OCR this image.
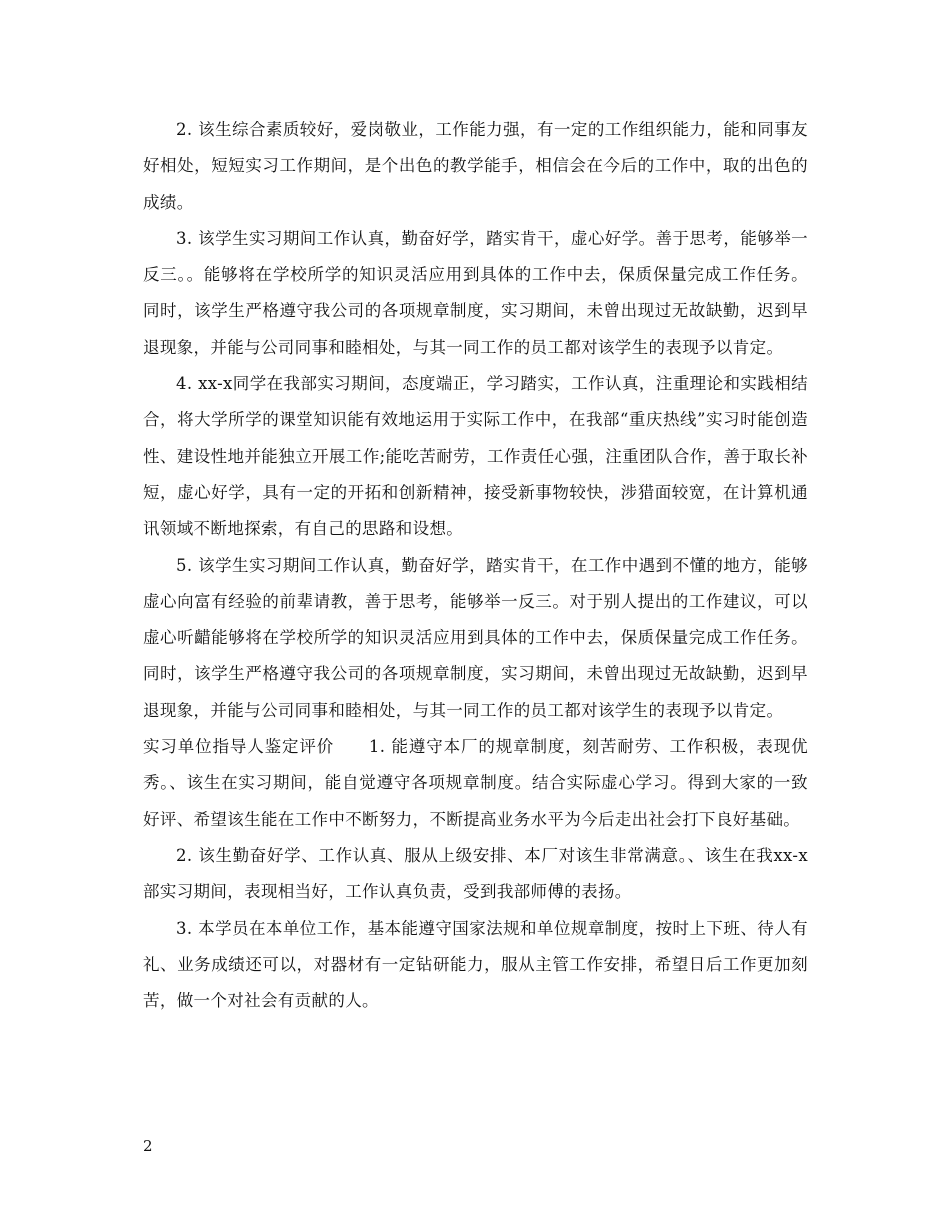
2. 该生综合素质较好，爱岗敬业，工作能力强，有一定的工作组织能力，能和同事友好相处，短短实习工作期间，是个出色的教学能手，相信会在今后的工作中，取的出色的成绩。

3. 该学生实习期间工作认真，勤奋好学，踏实肯干，虚心好学。善于思考，能够举一反三。。能够将在学校所学的知识灵活应用到具体的工作中去，保质保量完成工作任务。同时，该学生严格遵守我公司的各项规章制度，实习期间，未曾出现过无故缺勤，迟到早退现象，并能与公司同事和睦相处，与其一同工作的员工都对该学生的表现予以肯定。

4. xx-x同学在我部实习期间，态度端正，学习踏实，工作认真，注重理论和实践相结合，将大学所学的课堂知识能有效地运用于实际工作中，在我部“重庆热线”实习时能创造性、建设性地并能独立开展工作;能吃苦耐劳，工作责任心强，注重团队合作，善于取长补短，虚心好学，具有一定的开拓和创新精神，接受新事物较快，涉猎面较宽，在计算机通讯领域不断地探索，有自己的思路和设想。

5. 该学生实习期间工作认真，勤奋好学，踏实肯干，在工作中遇到不懂的地方，能够虚心向富有经验的前辈请教，善于思考，能够举一反三。对于别人提出的工作建议，可以虚心听齰能够将在学校所学的知识灵活应用到具体的工作中去，保质保量完成工作任务。同时，该学生严格遵守我公司的各项规章制度，实习期间，未曾出现过无故缺勤，迟到早退现象，并能与公司同事和睦相处，与其一同工作的员工都对该学生的表现予以肯定。

实习单位指导人鉴定评价　　1. 能遵守本厂的规章制度，刻苦耐劳、工作积极，表现优秀。、该生在实习期间，能自觉遵守各项规章制度。结合实际虚心学习。得到大家的一致好评、希望该生能在工作中不断努力，不断提高业务水平为今后走出社会打下良好基础。

2. 该生勤奋好学、工作认真、服从上级安排、本厂对该生非常满意。、该生在我xx-x部实习期间，表现相当好，工作认真负责，受到我部师傅的表扬。

3. 本学员在本单位工作，基本能遵守国家法规和单位规章制度，按时上下班、待人有礼、业务成绩还可以，对器材有一定钻研能力，服从主管工作安排，希望日后工作更加刻苦，做一个对社会有贡献的人。

2
